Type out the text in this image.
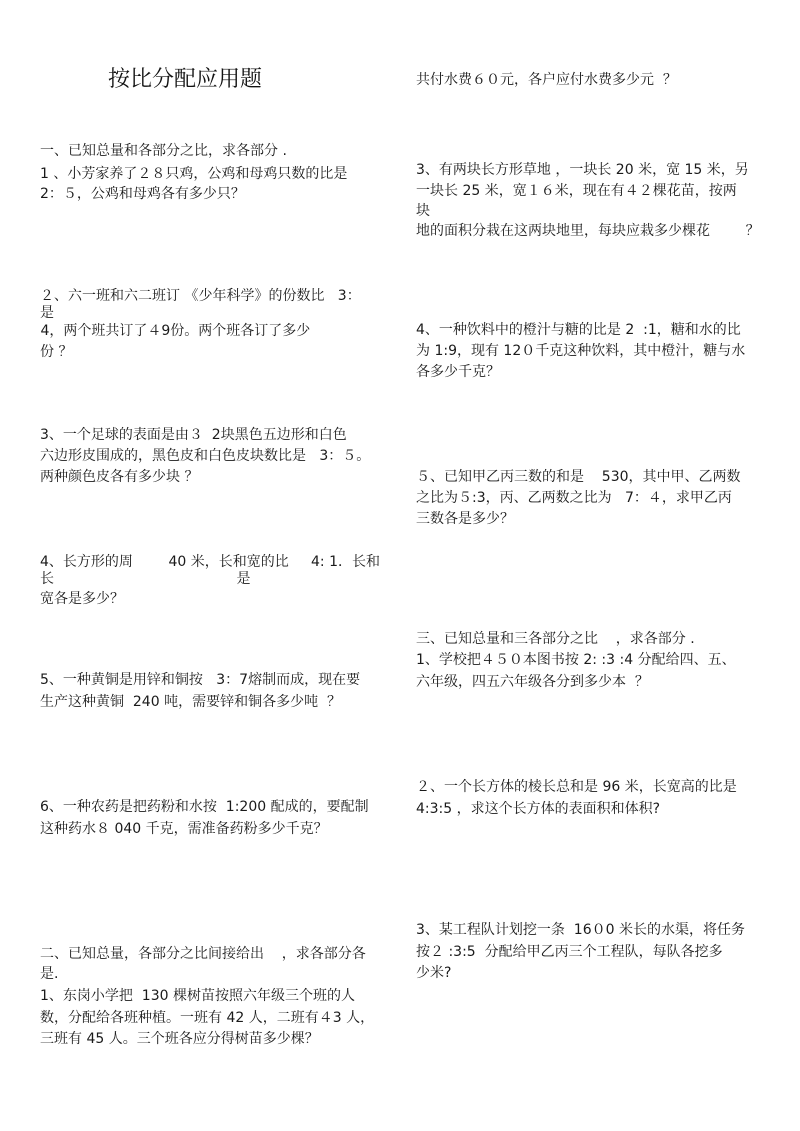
按比分配应用题
一、已知总量和各部分之比，求各部分 .
1 、小芳家养了２８只鸡，公鸡和母鸡只数的比是
2：５，公鸡和母鸡各有多少只？
２、六一班和六二班订 《少年科学》的份数比   3：
是
4，两个班共订了４9份。两个班各订了多少
份 ？
3、一个足球的表面是由３  2块黑色五边形和白色
六边形皮围成的，黑色皮和白色皮块数比是   3：５。
两种颜色皮各有多少块 ？
4、长方形的周        40 米，长和宽的比     4: 1．长和
长                                         是
宽各是多少？
5、一种黄铜是用锌和铜按   3：7熔制而成，现在要
生产这种黄铜  240 吨，需要锌和铜各多少吨  ？
6、一种农药是把药粉和水按  1:200 配成的，要配制
这种药水８ 040 千克，需准备药粉多少千克？
二、已知总量，各部分之比间接给出    ，求各部分各
是.
1、东岗小学把  130 棵树苗按照六年级三个班的人
数，分配给各班种植。一班有 42 人，二班有４3 人，
三班有 45 人。三个班各应分得树苗多少棵？
共付水费６０元，各户应付水费多少元  ？
3、有两块长方形草地 ，一块长 20 米，宽 15 米，另
一块长 25 米，宽１６米，现在有４２棵花苗，按两
块
地的面积分栽在这两块地里，每块应栽多少棵花        ？
4、一种饮料中的橙汁与糖的比是 2  :1，糖和水的比
为 1:9，现有 12０千克这种饮料，其中橙汁，糖与水
各多少千克？
５、已知甲乙丙三数的和是    530，其中甲、乙两数
之比为５:3，丙、乙两数之比为   7：４，求甲乙丙
三数各是多少？
三、已知总量和三各部分之比    ，求各部分 .
1、学校把４５０本图书按 2: :3 :4 分配给四、五、
六年级，四五六年级各分到多少本  ？
２、一个长方体的棱长总和是 96 米，长宽高的比是
4:3:5 ，求这个长方体的表面积和体积?
3、某工程队计划挖一条  16０0 米长的水渠，将任务
按２ :3:5  分配给甲乙丙三个工程队，每队各挖多
少米?
